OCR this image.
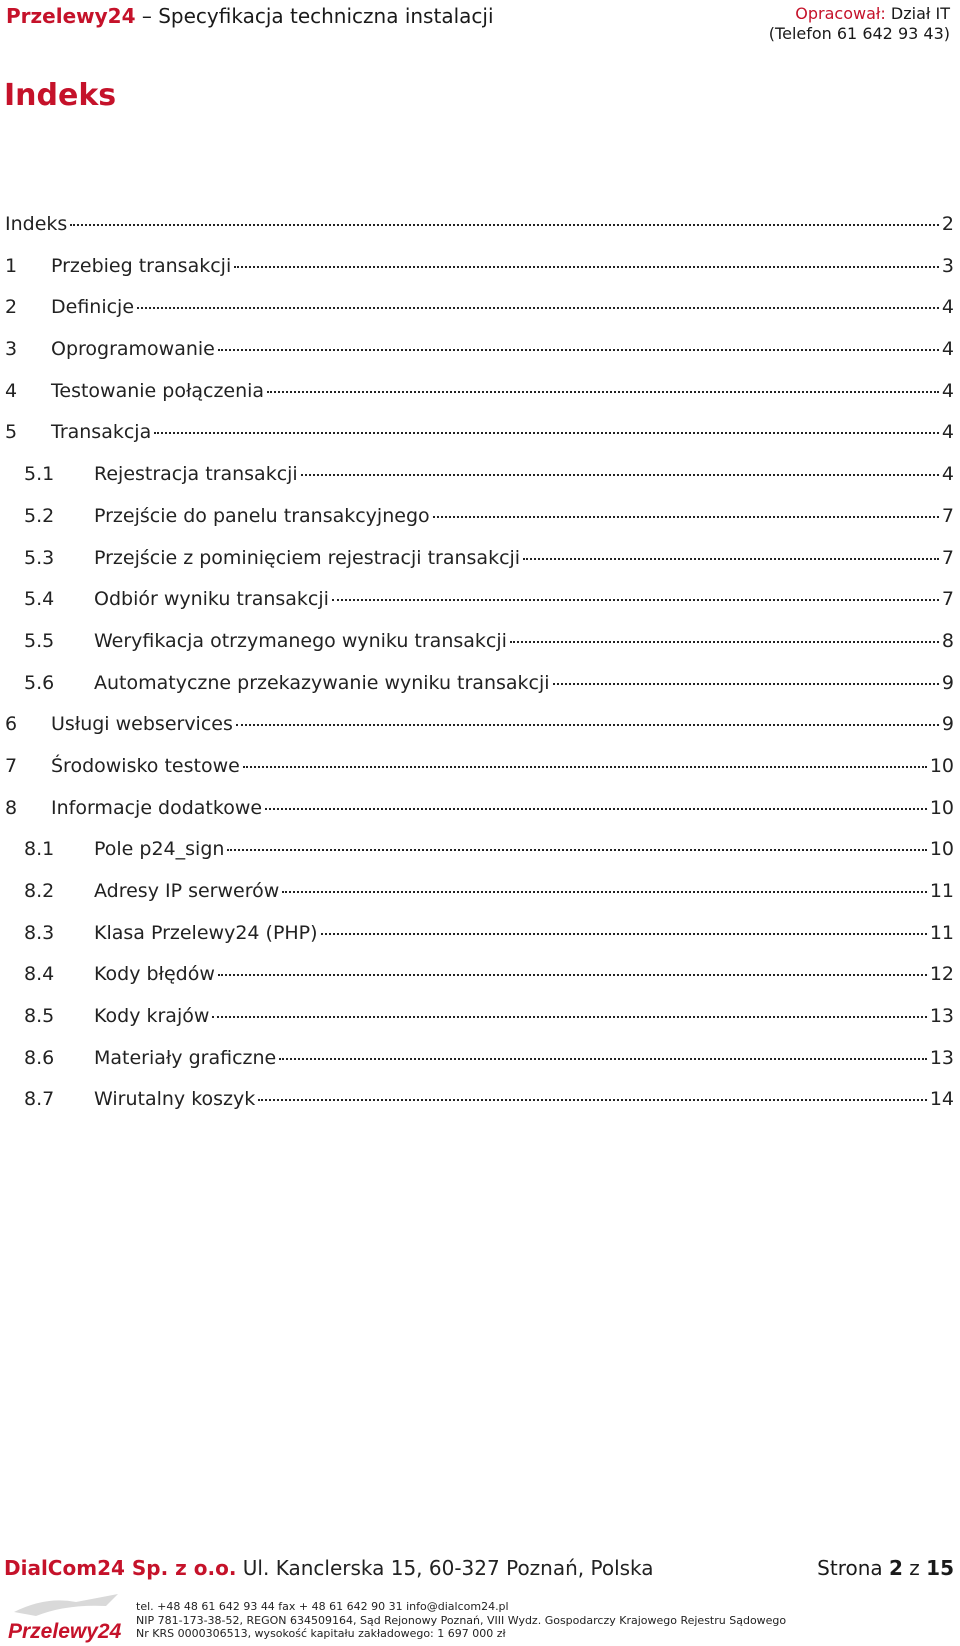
Przelewy24 – Specyfikacja techniczna instalacji	Opracował: Dział IT
(Telefon 61 642 93 43)
Indeks
Indeks	2
1	Przebieg transakcji	3
2	Definicje	4
3	Oprogramowanie	4
4	Testowanie połączenia	4
5	Transakcja	4
5.1	Rejestracja transakcji	4
5.2	Przejście do panelu transakcyjnego	7
5.3	Przejście z pominięciem rejestracji transakcji	7
5.4	Odbiór wyniku transakcji	7
5.5	Weryfikacja otrzymanego wyniku transakcji	8
5.6	Automatyczne przekazywanie wyniku transakcji	9
6	Usługi webservices	9
7	Środowisko testowe	10
8	Informacje dodatkowe	10
8.1	Pole p24_sign	10
8.2	Adresy IP serwerów	11
8.3	Klasa Przelewy24 (PHP)	11
8.4	Kody błędów	12
8.5	Kody krajów	13
8.6	Materiały graficzne	13
8.7	Wirutalny koszyk	14
DialCom24 Sp. z o.o. Ul. Kanclerska 15, 60-327 Poznań, Polska	Strona 2 z 15
Przelewy24
tel. +48 48 61 642 93 44 fax + 48 61 642 90 31 info@dialcom24.pl
NIP 781-173-38-52, REGON 634509164, Sąd Rejonowy Poznań, VIII Wydz. Gospodarczy Krajowego Rejestru Sądowego
Nr KRS 0000306513, wysokość kapitału zakładowego: 1 697 000 zł
